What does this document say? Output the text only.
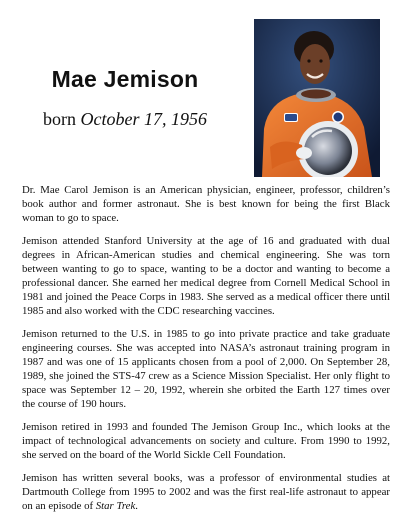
Mae Jemison
born October 17, 1956

Dr. Mae Carol Jemison is an American physician, engineer, professor, children’s book author and former astronaut. She is best known for being the first Black woman to go to space.

Jemison attended Stanford University at the age of 16 and graduated with dual degrees in African-American studies and chemical engineering. She was torn between wanting to go to space, wanting to be a doctor and wanting to become a professional dancer. She earned her medical degree from Cornell Medical School in 1981 and joined the Peace Corps in 1983. She served as a medical officer there until 1985 and also worked with the CDC researching vaccines.

Jemison returned to the U.S. in 1985 to go into private practice and take graduate engineering courses. She was accepted into NASA’s astronaut training program in 1987 and was one of 15 applicants chosen from a pool of 2,000. On September 28, 1989, she joined the STS-47 crew as a Science Mission Specialist. Her only flight to space was September 12 – 20, 1992, wherein she orbited the Earth 127 times over the course of 190 hours.

Jemison retired in 1993 and founded The Jemison Group Inc., which looks at the impact of technological advancements on society and culture. From 1990 to 1992, she served on the board of the World Sickle Cell Foundation.

Jemison has written several books, was a professor of environmental studies at Dartmouth College from 1995 to 2002 and was the first real-life astronaut to appear on an episode of Star Trek.
